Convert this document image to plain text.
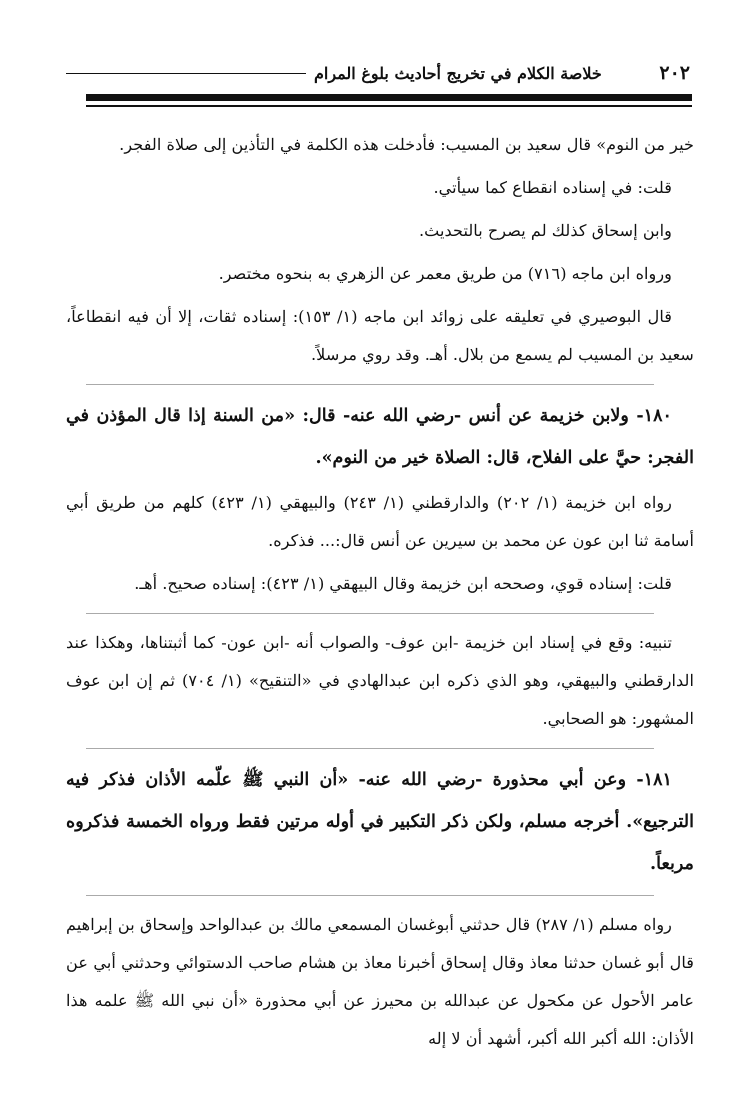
٢٠٢
خلاصة الكلام في تخريج أحاديث بلوغ المرام

خير من النوم» قال سعيد بن المسيب: فأدخلت هذه الكلمة في التأذين إلى صلاة الفجر.

قلت: في إسناده انقطاع كما سيأتي.

وابن إسحاق كذلك لم يصرح بالتحديث.

ورواه ابن ماجه (٧١٦) من طريق معمر عن الزهري به بنحوه مختصر.

قال البوصيري في تعليقه على زوائد ابن ماجه (١/ ١٥٣): إسناده ثقات، إلا أن فيه انقطاعاً، سعيد بن المسيب لم يسمع من بلال. أهـ. وقد روي مرسلاً.

١٨٠- ولابن خزيمة عن أنس -رضي الله عنه- قال: «من السنة إذا قال المؤذن في الفجر: حيَّ على الفلاح، قال: الصلاة خير من النوم».

رواه ابن خزيمة (١/ ٢٠٢) والدارقطني (١/ ٢٤٣) والبيهقي (١/ ٤٢٣) كلهم من طريق أبي أسامة ثنا ابن عون عن محمد بن سيرين عن أنس قال:... فذكره.

قلت: إسناده قوي، وصححه ابن خزيمة وقال البيهقي (١/ ٤٢٣): إسناده صحيح. أهـ.

تنبيه: وقع في إسناد ابن خزيمة -ابن عوف- والصواب أنه -ابن عون- كما أثبتناها، وهكذا عند الدارقطني والبيهقي، وهو الذي ذكره ابن عبدالهادي في «التنقيح» (١/ ٧٠٤) ثم إن ابن عوف المشهور: هو الصحابي.

١٨١- وعن أبي محذورة -رضي الله عنه- «أن النبي ﷺ علّمه الأذان فذكر فيه الترجيع». أخرجه مسلم، ولكن ذكر التكبير في أوله مرتين فقط ورواه الخمسة فذكروه مربعاً.

رواه مسلم (١/ ٢٨٧) قال حدثني أبوغسان المسمعي مالك بن عبدالواحد وإسحاق بن إبراهيم قال أبو غسان حدثنا معاذ وقال إسحاق أخبرنا معاذ بن هشام صاحب الدستوائي وحدثني أبي عن عامر الأحول عن مكحول عن عبدالله بن محيرز عن أبي محذورة «أن نبي الله ﷺ علمه هذا الأذان: الله أكبر الله أكبر، أشهد أن لا إله
